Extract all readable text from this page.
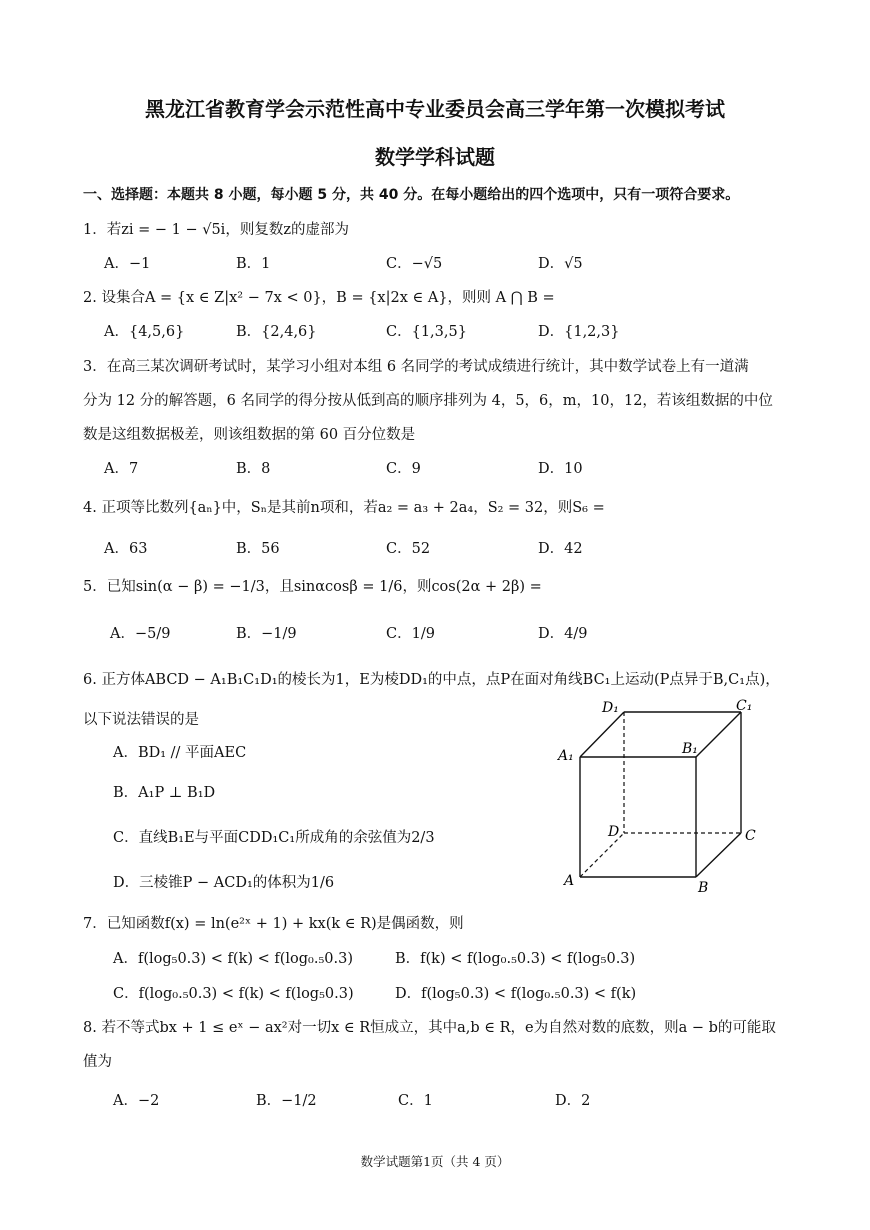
黑龙江省教育学会示范性高中专业委员会高三学年第一次模拟考试
数学学科试题
一、选择题：本题共 8 小题，每小题 5 分，共 40 分。在每小题给出的四个选项中，只有一项符合要求。
1．若zi = − 1 − √5i，则复数z的虚部为
A．−1	B．1	C．−√5	D．√5
2. 设集合A = {x ∈ Z|x² − 7x < 0}，B = {x|2x ∈ A}，则则 A ⋂ B =
A．{4,5,6}	B．{2,4,6}	C．{1,3,5}	D．{1,2,3}
3．在高三某次调研考试时，某学习小组对本组 6 名同学的考试成绩进行统计，其中数学试卷上有一道满
分为 12 分的解答题，6 名同学的得分按从低到高的顺序排列为 4，5，6，m，10，12，若该组数据的中位
数是这组数据极差，则该组数据的第 60 百分位数是
A．7	B．8	C．9	D．10
4. 正项等比数列{aₙ}中，Sₙ是其前n项和，若a₂ = a₃ + 2a₄，S₂ = 32，则S₆ =
A．63	B．56	C．52	D．42
5．已知sin(α − β) = −1/3，且sinαcosβ = 1/6，则cos(2α + 2β) =
A．−5/9	B．−1/9	C．1/9	D．4/9
6. 正方体ABCD − A₁B₁C₁D₁的棱长为1，E为棱DD₁的中点，点P在面对角线BC₁上运动(P点异于B,C₁点)，
以下说法错误的是
A．BD₁ // 平面AEC
B．A₁P ⊥ B₁D
C．直线B₁E与平面CDD₁C₁所成角的余弦值为2/3
D．三棱锥P − ACD₁的体积为1/6
D₁	C₁
A₁	B₁
D	C
A	B
7．已知函数f(x) = ln(e²ˣ + 1) + kx(k ∈ R)是偶函数，则
A．f(log₅0.3) < f(k) < f(log₀.₅0.3)	B．f(k) < f(log₀.₅0.3) < f(log₅0.3)
C．f(log₀.₅0.3) < f(k) < f(log₅0.3)	D．f(log₅0.3) < f(log₀.₅0.3) < f(k)
8. 若不等式bx + 1 ≤ eˣ − ax²对一切x ∈ R恒成立，其中a,b ∈ R，e为自然对数的底数，则a − b的可能取
值为
A．−2	B．−1/2	C．1	D．2
数学试题第1页（共 4 页）
